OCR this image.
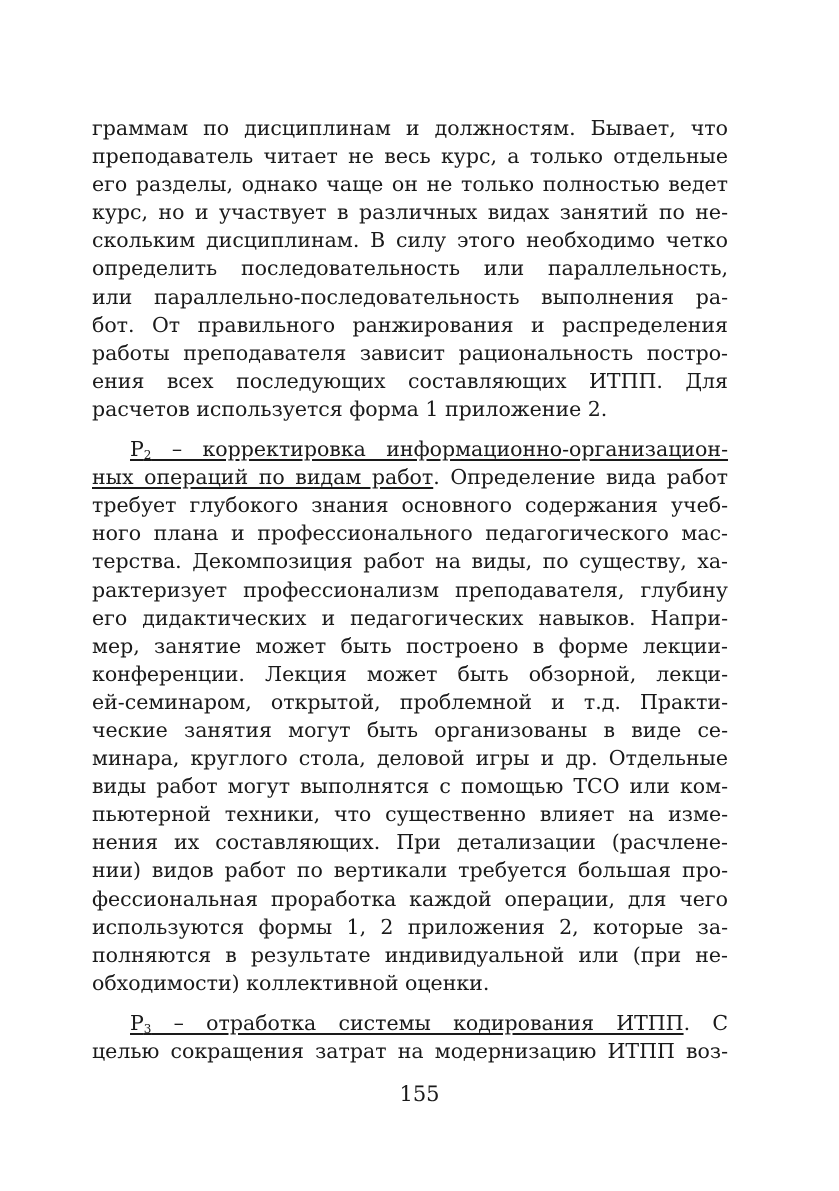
граммам по дисциплинам и должностям. Бывает, что
преподаватель читает не весь курс, а только отдельные
его разделы, однако чаще он не только полностью ведет
курс, но и участвует в различных видах занятий по не-
скольким дисциплинам. В силу этого необходимо четко
определить последовательность или параллельность,
или параллельно-последовательность выполнения ра-
бот. От правильного ранжирования и распределения
работы преподавателя зависит рациональность постро-
ения всех последующих составляющих ИТПП. Для
расчетов используется форма 1 приложение 2.
$Р_2$ – корректировка информационно-организацион-
ных операций по видам работ. Определение вида работ
требует глубокого знания основного содержания учеб-
ного плана и профессионального педагогического мас-
терства. Декомпозиция работ на виды, по существу, ха-
рактеризует профессионализм преподавателя, глубину
его дидактических и педагогических навыков. Напри-
мер, занятие может быть построено в форме лекции-
конференции. Лекция может быть обзорной, лекци-
ей-семинаром, открытой, проблемной и т.д. Практи-
ческие занятия могут быть организованы в виде се-
минара, круглого стола, деловой игры и др. Отдельные
виды работ могут выполнятся с помощью ТСО или ком-
пьютерной техники, что существенно влияет на изме-
нения их составляющих. При детализации (расчлене-
нии) видов работ по вертикали требуется большая про-
фессиональная проработка каждой операции, для чего
используются формы 1, 2 приложения 2, которые за-
полняются в результате индивидуальной или (при не-
обходимости) коллективной оценки.
$Р_3$ – отработка системы кодирования ИТПП. С
целью сокращения затрат на модернизацию ИТПП воз-
155
